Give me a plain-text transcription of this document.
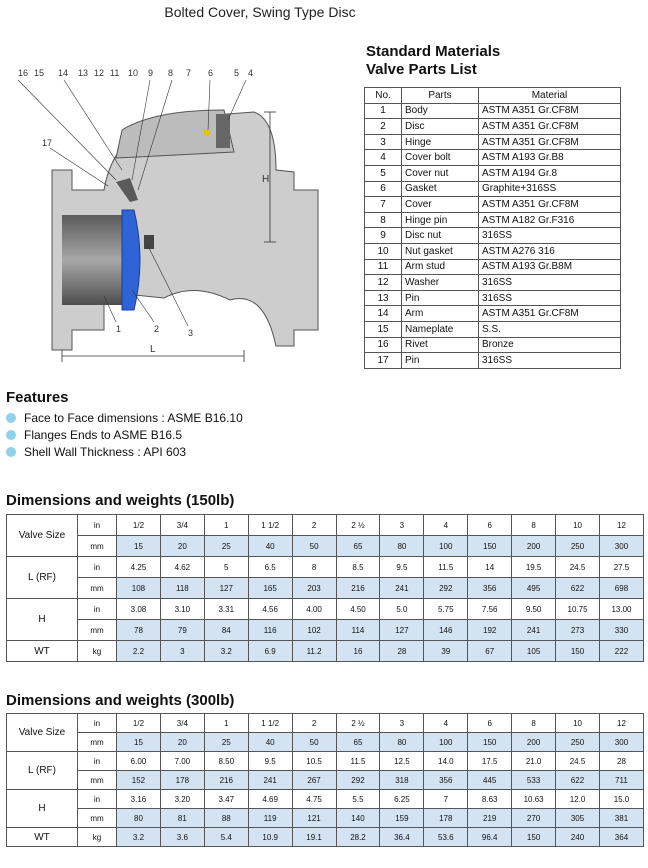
Bolted Cover, Swing Type Disc
16 15 14 13 12 11 10 9 8 7 6 5 4
17
1	2	3
H
L
Standard Materials
Valve Parts List
No.	Parts	Material
1	Body	ASTM A351 Gr.CF8M
2	Disc	ASTM A351 Gr.CF8M
3	Hinge	ASTM A351 Gr.CF8M
4	Cover bolt	ASTM A193 Gr.B8
5	Cover nut	ASTM A194 Gr.8
6	Gasket	Graphite+316SS
7	Cover	ASTM A351 Gr.CF8M
8	Hinge pin	ASTM A182 Gr.F316
9	Disc nut	316SS
10	Nut gasket	ASTM A276 316
11	Arm stud	ASTM A193 Gr.B8M
12	Washer	316SS
13	Pin	316SS
14	Arm	ASTM A351 Gr.CF8M
15	Nameplate	S.S.
16	Rivet	Bronze
17	Pin	316SS
Features
Face to Face dimensions : ASME B16.10
Flanges Ends to ASME B16.5
Shell Wall Thickness : API 603
Dimensions and weights (150lb)
Valve Size	in	1/2	3/4	1	1 1/2	2	2 ½	3	4	6	8	10	12
	mm	15	20	25	40	50	65	80	100	150	200	250	300
L (RF)	in	4.25	4.62	5	6.5	8	8.5	9.5	11.5	14	19.5	24.5	27.5
	mm	108	118	127	165	203	216	241	292	356	495	622	698
H	in	3.08	3.10	3.31	4.56	4.00	4.50	5.0	5.75	7.56	9.50	10.75	13.00
	mm	78	79	84	116	102	114	127	146	192	241	273	330
WT	kg	2.2	3	3.2	6.9	11.2	16	28	39	67	105	150	222
Dimensions and weights (300lb)
Valve Size	in	1/2	3/4	1	1 1/2	2	2 ½	3	4	6	8	10	12
	mm	15	20	25	40	50	65	80	100	150	200	250	300
L (RF)	in	6.00	7.00	8.50	9.5	10.5	11.5	12.5	14.0	17.5	21.0	24.5	28
	mm	152	178	216	241	267	292	318	356	445	533	622	711
H	in	3.16	3.20	3.47	4.69	4.75	5.5	6.25	7	8.63	10.63	12.0	15.0
	mm	80	81	88	119	121	140	159	178	219	270	305	381
WT	kg	3.2	3.6	5.4	10.9	19.1	28.2	36.4	53.6	96.4	150	240	364
